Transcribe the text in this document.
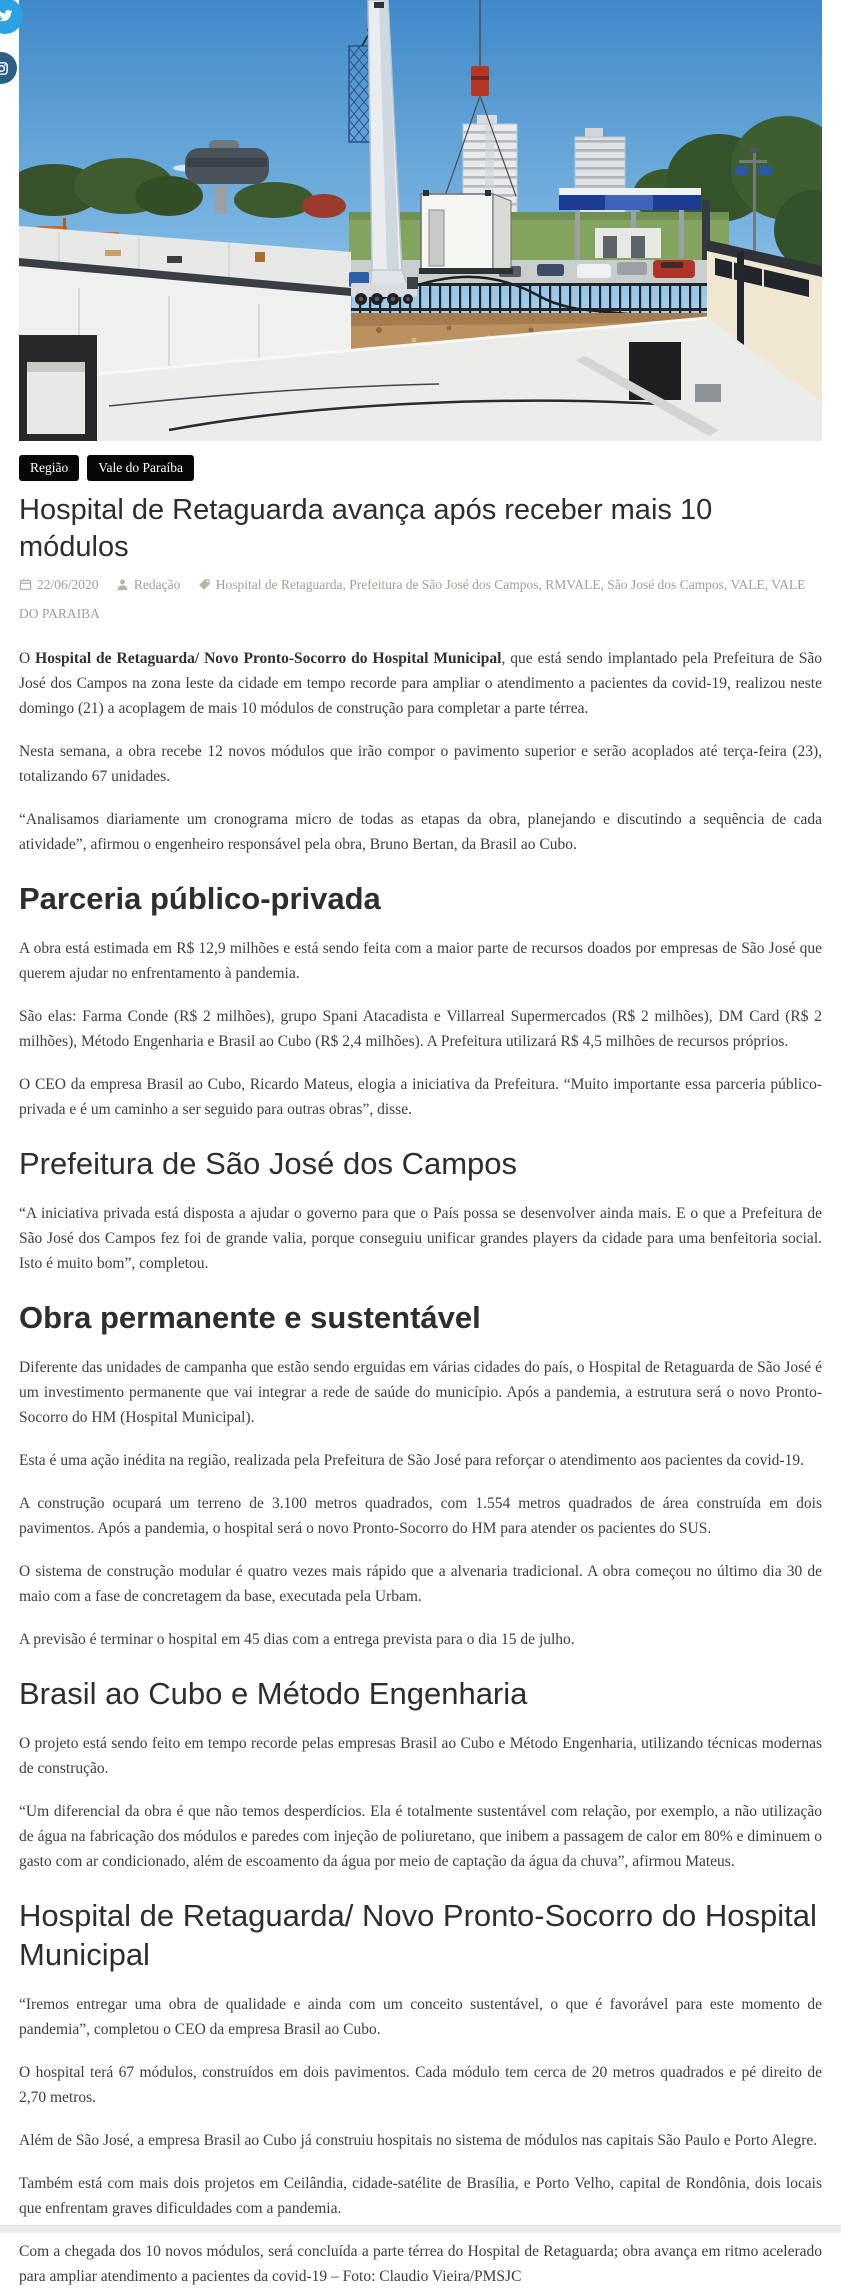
Região	Vale do Paraíba
Hospital de Retaguarda avança após receber mais 10 módulos
22/06/2020	Redação	Hospital de Retaguarda, Prefeitura de São José dos Campos, RMVALE, São José dos Campos, VALE, VALE DO PARAIBA

O Hospital de Retaguarda/ Novo Pronto-Socorro do Hospital Municipal, que está sendo implantado pela Prefeitura de São José dos Campos na zona leste da cidade em tempo recorde para ampliar o atendimento a pacientes da covid-19, realizou neste domingo (21) a acoplagem de mais 10 módulos de construção para completar a parte térrea.

Nesta semana, a obra recebe 12 novos módulos que irão compor o pavimento superior e serão acoplados até terça-feira (23), totalizando 67 unidades.

“Analisamos diariamente um cronograma micro de todas as etapas da obra, planejando e discutindo a sequência de cada atividade”, afirmou o engenheiro responsável pela obra, Bruno Bertan, da Brasil ao Cubo.

Parceria público-privada

A obra está estimada em R$ 12,9 milhões e está sendo feita com a maior parte de recursos doados por empresas de São José que querem ajudar no enfrentamento à pandemia.

São elas: Farma Conde (R$ 2 milhões), grupo Spani Atacadista e Villarreal Supermercados (R$ 2 milhões), DM Card (R$ 2 milhões), Método Engenharia e Brasil ao Cubo (R$ 2,4 milhões). A Prefeitura utilizará R$ 4,5 milhões de recursos próprios.

O CEO da empresa Brasil ao Cubo, Ricardo Mateus, elogia a iniciativa da Prefeitura. “Muito importante essa parceria público-privada e é um caminho a ser seguido para outras obras”, disse.

Prefeitura de São José dos Campos

“A iniciativa privada está disposta a ajudar o governo para que o País possa se desenvolver ainda mais. E o que a Prefeitura de São José dos Campos fez foi de grande valia, porque conseguiu unificar grandes players da cidade para uma benfeitoria social. Isto é muito bom”, completou.

Obra permanente e sustentável

Diferente das unidades de campanha que estão sendo erguidas em várias cidades do país, o Hospital de Retaguarda de São José é um investimento permanente que vai integrar a rede de saúde do município. Após a pandemia, a estrutura será o novo Pronto-Socorro do HM (Hospital Municipal).

Esta é uma ação inédita na região, realizada pela Prefeitura de São José para reforçar o atendimento aos pacientes da covid-19.

A construção ocupará um terreno de 3.100 metros quadrados, com 1.554 metros quadrados de área construída em dois pavimentos. Após a pandemia, o hospital será o novo Pronto-Socorro do HM para atender os pacientes do SUS.

O sistema de construção modular é quatro vezes mais rápido que a alvenaria tradicional. A obra começou no último dia 30 de maio com a fase de concretagem da base, executada pela Urbam.

A previsão é terminar o hospital em 45 dias com a entrega prevista para o dia 15 de julho.

Brasil ao Cubo e Método Engenharia

O projeto está sendo feito em tempo recorde pelas empresas Brasil ao Cubo e Método Engenharia, utilizando técnicas modernas de construção.

“Um diferencial da obra é que não temos desperdícios. Ela é totalmente sustentável com relação, por exemplo, a não utilização de água na fabricação dos módulos e paredes com injeção de poliuretano, que inibem a passagem de calor em 80% e diminuem o gasto com ar condicionado, além de escoamento da água por meio de captação da água da chuva”, afirmou Mateus.

Hospital de Retaguarda/ Novo Pronto-Socorro do Hospital Municipal

“Iremos entregar uma obra de qualidade e ainda com um conceito sustentável, o que é favorável para este momento de pandemia”, completou o CEO da empresa Brasil ao Cubo.

O hospital terá 67 módulos, construídos em dois pavimentos. Cada módulo tem cerca de 20 metros quadrados e pé direito de 2,70 metros.

Além de São José, a empresa Brasil ao Cubo já construiu hospitais no sistema de módulos nas capitais São Paulo e Porto Alegre.

Também está com mais dois projetos em Ceilândia, cidade-satélite de Brasília, e Porto Velho, capital de Rondônia, dois locais que enfrentam graves dificuldades com a pandemia.

Com a chegada dos 10 novos módulos, será concluída a parte térrea do Hospital de Retaguarda; obra avança em ritmo acelerado para ampliar atendimento a pacientes da covid-19 – Foto: Claudio Vieira/PMSJC
